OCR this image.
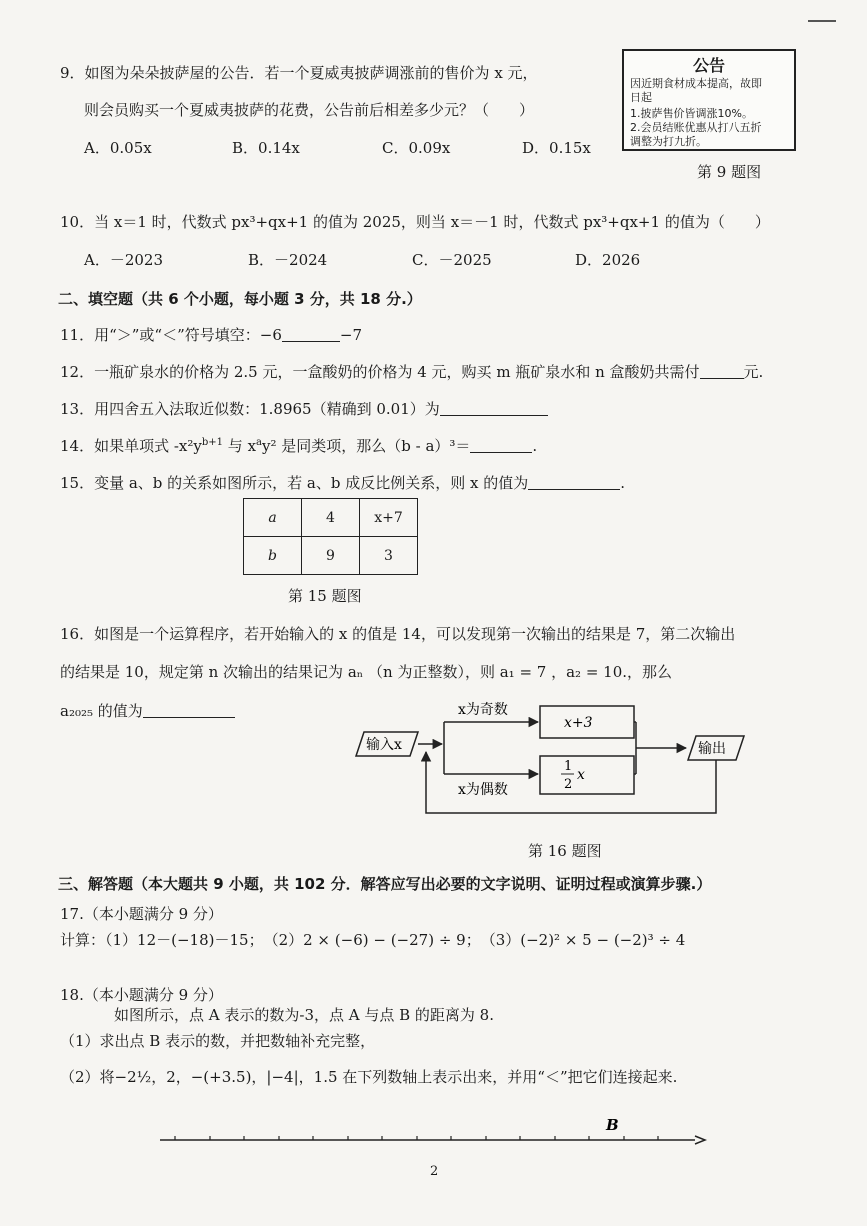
9．如图为朵朵披萨屋的公告．若一个夏威夷披萨调涨前的售价为 x 元，
则会员购买一个夏威夷披萨的花费，公告前后相差多少元？（　　）
A．0.05x	B．0.14x	C．0.09x	D．0.15x
公告
因近期食材成本提高，故即
日起
1.披萨售价皆调涨10%。
2.会员结账优惠从打八五折
调整为打九折。
第 9 题图
10．当 x＝1 时，代数式 px³+qx+1 的值为 2025，则当 x＝－1 时，代数式 px³+qx+1 的值为（　　）
A．－2023	B．－2024	C．－2025	D．2026
二、填空题（共 6 个小题，每小题 3 分，共 18 分.）
11．用“＞”或“＜”符号填空：−6	−7
12．一瓶矿泉水的价格为 2.5 元，一盒酸奶的价格为 4 元，购买 m 瓶矿泉水和 n 盒酸奶共需付	元.
13．用四舍五入法取近似数：1.8965（精确到 0.01）为
14．如果单项式 $-x^2y^{b+1}$ 与 $x^ay^2$ 是同类项，那么（b - a）³＝	.
15．变量 a、b 的关系如图所示，若 a、b 成反比例关系，则 x 的值为	.
a	4	x+7
b	9	3
第 15 题图
16．如图是一个运算程序，若开始输入的 x 的值是 14，可以发现第一次输出的结果是 7，第二次输出
的结果是 10，规定第 n 次输出的结果记为 aₙ （n 为正整数），则 a₁ = 7 ，a₂ = 10.，那么
a₂₀₂₅ 的值为
输入x
x为奇数
x为偶数
x+3
1
2
x
输出
第 16 题图
三、解答题（本大题共 9 小题，共 102 分．解答应写出必要的文字说明、证明过程或演算步骤.）
17.（本小题满分 9 分）
计算：（1）12－(−18)－15；　（2）2 × (−6) − (−27) ÷ 9；　（3）(−2)² × 5 − (−2)³ ÷ 4
18.（本小题满分 9 分）
如图所示，点 A 表示的数为-3，点 A 与点 B 的距离为 8.
（1）求出点 B 表示的数，并把数轴补充完整，
（2）将−2½，2，−(+3.5)，|−4|，1.5 在下列数轴上表示出来，并用“＜”把它们连接起来.
B
2
